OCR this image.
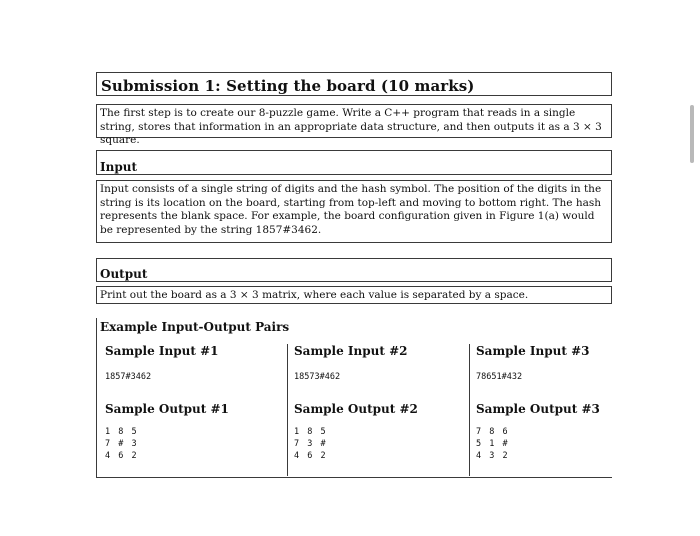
Submission 1: Setting the board (10 marks)
The first step is to create our 8-puzzle game. Write a C++ program that reads in a single string, stores that information in an appropriate data structure, and then outputs it as a 3 × 3 square.
Input
Input consists of a single string of digits and the hash symbol. The position of the digits in the string is its location on the board, starting from top-left and moving to bottom right. The hash represents the blank space. For example, the board configuration given in Figure 1(a) would be represented by the string 1857#3462.
Output
Print out the board as a 3 × 3 matrix, where each value is separated by a space.
Example Input-Output Pairs
Sample Input #1
1857#3462
Sample Output #1
1 8 5
7 # 3
4 6 2
Sample Input #2
18573#462
Sample Output #2
1 8 5
7 3 #
4 6 2
Sample Input #3
78651#432
Sample Output #3
7 8 6
5 1 #
4 3 2
